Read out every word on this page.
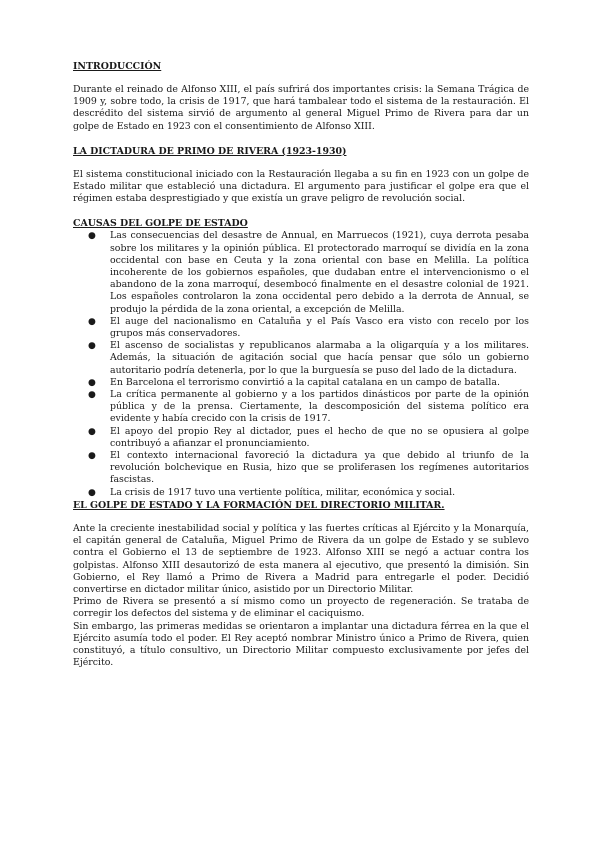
INTRODUCCIÓN

Durante el reinado de Alfonso XIII, el país sufrirá dos importantes crisis: la Semana Trágica de 1909 y, sobre todo, la crisis de 1917, que hará tambalear todo el sistema de la restauración. El descrédito del sistema sirvió de argumento al general Miguel Primo de Rivera para dar un golpe de Estado en 1923 con el consentimiento de Alfonso XIII.

LA DICTADURA DE PRIMO DE RIVERA (1923-1930)

El sistema constitucional iniciado con la Restauración llegaba a su fin en 1923 con un golpe de Estado militar que estableció una dictadura. El argumento para justificar el golpe era que el régimen estaba desprestigiado y que existía un grave peligro de revolución social.

CAUSAS DEL GOLPE DE ESTADO
● Las consecuencias del desastre de Annual, en Marruecos (1921), cuya derrota pesaba sobre los militares y la opinión pública. El protectorado marroquí se dividía en la zona occidental con base en Ceuta y la zona oriental con base en Melilla. La política incoherente de los gobiernos españoles, que dudaban entre el intervencionismo o el abandono de la zona marroquí, desembocó finalmente en el desastre colonial de 1921. Los españoles controlaron la zona occidental pero debido a la derrota de Annual, se produjo la pérdida de la zona oriental, a excepción de Melilla.
● El auge del nacionalismo en Cataluña y el País Vasco era visto con recelo por los grupos más conservadores.
● El ascenso de socialistas y republicanos alarmaba a la oligarquía y a los militares. Además, la situación de agitación social que hacía pensar que sólo un gobierno autoritario podría detenerla, por lo que la burguesía se puso del lado de la dictadura.
● En Barcelona el terrorismo convirtió a la capital catalana en un campo de batalla.
● La crítica permanente al gobierno y a los partidos dinásticos por parte de la opinión pública y de la prensa. Ciertamente, la descomposición del sistema político era evidente y había crecido con la crisis de 1917.
● El apoyo del propio Rey al dictador, pues el hecho de que no se opusiera al golpe contribuyó a afianzar el pronunciamiento.
● El contexto internacional favoreció la dictadura ya que debido al triunfo de la revolución bolchevique en Rusia, hizo que se proliferasen los regímenes autoritarios fascistas.
● La crisis de 1917 tuvo una vertiente política, militar, económica y social.
EL GOLPE DE ESTADO Y LA FORMACIÓN DEL DIRECTORIO MILITAR.

Ante la creciente inestabilidad social y política y las fuertes críticas al Ejército y la Monarquía, el capitán general de Cataluña, Miguel Primo de Rivera da un golpe de Estado y se sublevo contra el Gobierno el 13 de septiembre de 1923. Alfonso XIII se negó a actuar contra los golpistas. Alfonso XIII desautorizó de esta manera al ejecutivo, que presentó la dimisión. Sin Gobierno, el Rey llamó a Primo de Rivera a Madrid para entregarle el poder. Decidió convertirse en dictador militar único, asistido por un Directorio Militar.

Primo de Rivera se presentó a sí mismo como un proyecto de regeneración. Se trataba de corregir los defectos del sistema y de eliminar el caciquismo.

Sin embargo, las primeras medidas se orientaron a implantar una dictadura férrea en la que el Ejército asumía todo el poder. El Rey aceptó nombrar Ministro único a Primo de Rivera, quien constituyó, a título consultivo, un Directorio Militar compuesto exclusivamente por jefes del Ejército.
